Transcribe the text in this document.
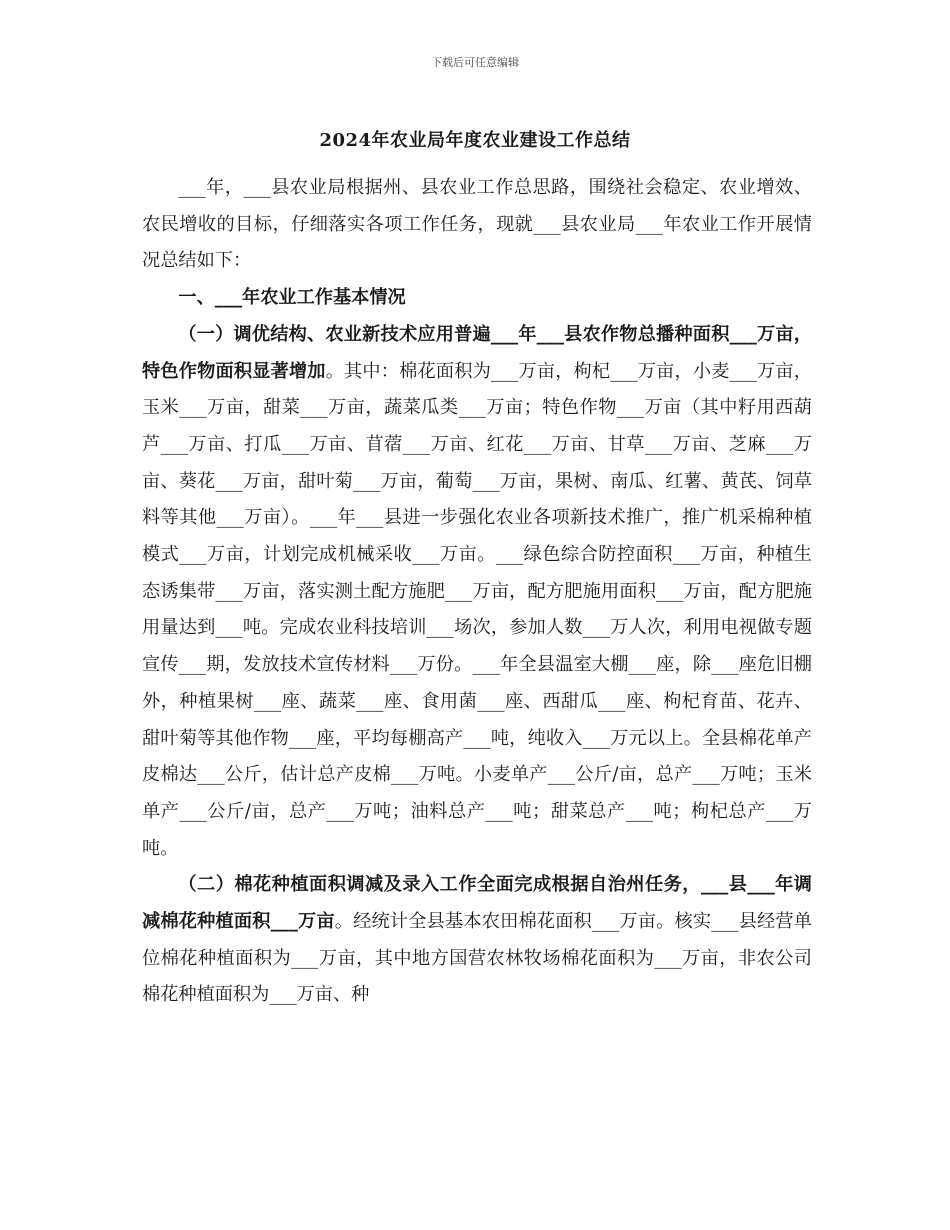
下载后可任意编辑
2024年农业局年度农业建设工作总结

___年，___县农业局根据州、县农业工作总思路，围绕社会稳定、农业增效、农民增收的目标，仔细落实各项工作任务，现就___县农业局___年农业工作开展情况总结如下：

一、___年农业工作基本情况

（一）调优结构、农业新技术应用普遍___年___县农作物总播种面积___万亩，特色作物面积显著增加。其中：棉花面积为___万亩，枸杞___万亩，小麦___万亩，玉米___万亩，甜菜___万亩，蔬菜瓜类___万亩；特色作物___万亩（其中籽用西葫芦___万亩、打瓜___万亩、苜蓿___万亩、红花___万亩、甘草___万亩、芝麻___万亩、葵花___万亩，甜叶菊___万亩，葡萄___万亩，果树、南瓜、红薯、黄芪、饲草料等其他___万亩）。___年___县进一步强化农业各项新技术推广，推广机采棉种植模式___万亩，计划完成机械采收___万亩。___绿色综合防控面积___万亩，种植生态诱集带___万亩，落实测土配方施肥___万亩，配方肥施用面积___万亩，配方肥施用量达到___吨。完成农业科技培训___场次，参加人数___万人次，利用电视做专题宣传___期，发放技术宣传材料___万份。___年全县温室大棚___座，除___座危旧棚外，种植果树___座、蔬菜___座、食用菌___座、西甜瓜___座、枸杞育苗、花卉、甜叶菊等其他作物___座，平均每棚高产___吨，纯收入___万元以上。全县棉花单产皮棉达___公斤，估计总产皮棉___万吨。小麦单产___公斤/亩，总产___万吨；玉米单产___公斤/亩，总产___万吨；油料总产___吨；甜菜总产___吨；枸杞总产___万吨。

（二）棉花种植面积调减及录入工作全面完成根据自治州任务，___县___年调减棉花种植面积___万亩。经统计全县基本农田棉花面积___万亩。核实___县经营单位棉花种植面积为___万亩，其中地方国营农林牧场棉花面积为___万亩，非农公司棉花种植面积为___万亩、种
